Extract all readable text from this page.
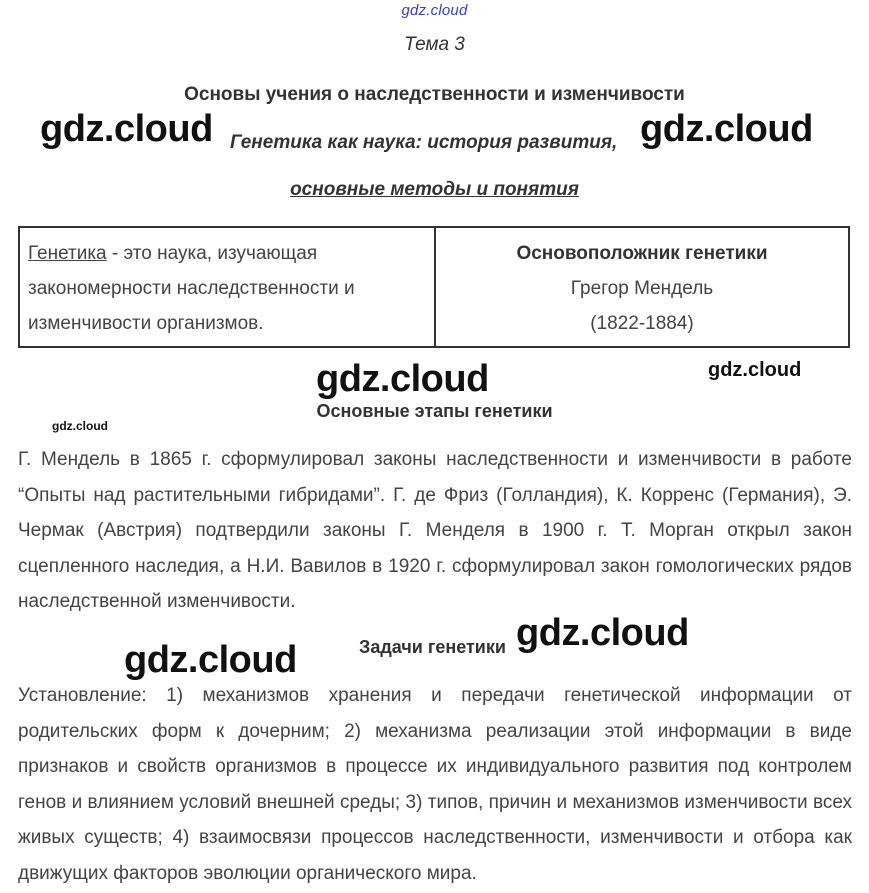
gdz.cloud
Тема 3
Основы учения о наследственности и изменчивости
Генетика как наука: история развития,
основные методы и понятия
gdz.cloud	gdz.cloud
Генетика - это наука, изучающая закономерности наследственности и изменчивости организмов.
Основоположник генетики
Грегор Мендель
(1822-1884)
gdz.cloud	gdz.cloud
gdz.cloud
Основные этапы генетики
Г. Мендель в 1865 г. сформулировал законы наследственности и изменчивости в работе “Опыты над растительными гибридами”. Г. де Фриз (Голландия), К. Корренс (Германия), Э. Чермак (Австрия) подтвердили законы Г. Менделя в 1900 г. Т. Морган открыл закон сцепленного наследия, а Н.И. Вавилов в 1920 г. сформулировал закон гомологических рядов наследственной изменчивости.
gdz.cloud
Задачи генетики
gdz.cloud
Установление: 1) механизмов хранения и передачи генетической информации от родительских форм к дочерним; 2) механизма реализации этой информации в виде признаков и свойств организмов в процессе их индивидуального развития под контролем генов и влиянием условий внешней среды; 3) типов, причин и механизмов изменчивости всех живых существ; 4) взаимосвязи процессов наследственности, изменчивости и отбора как движущих факторов эволюции органического мира.
